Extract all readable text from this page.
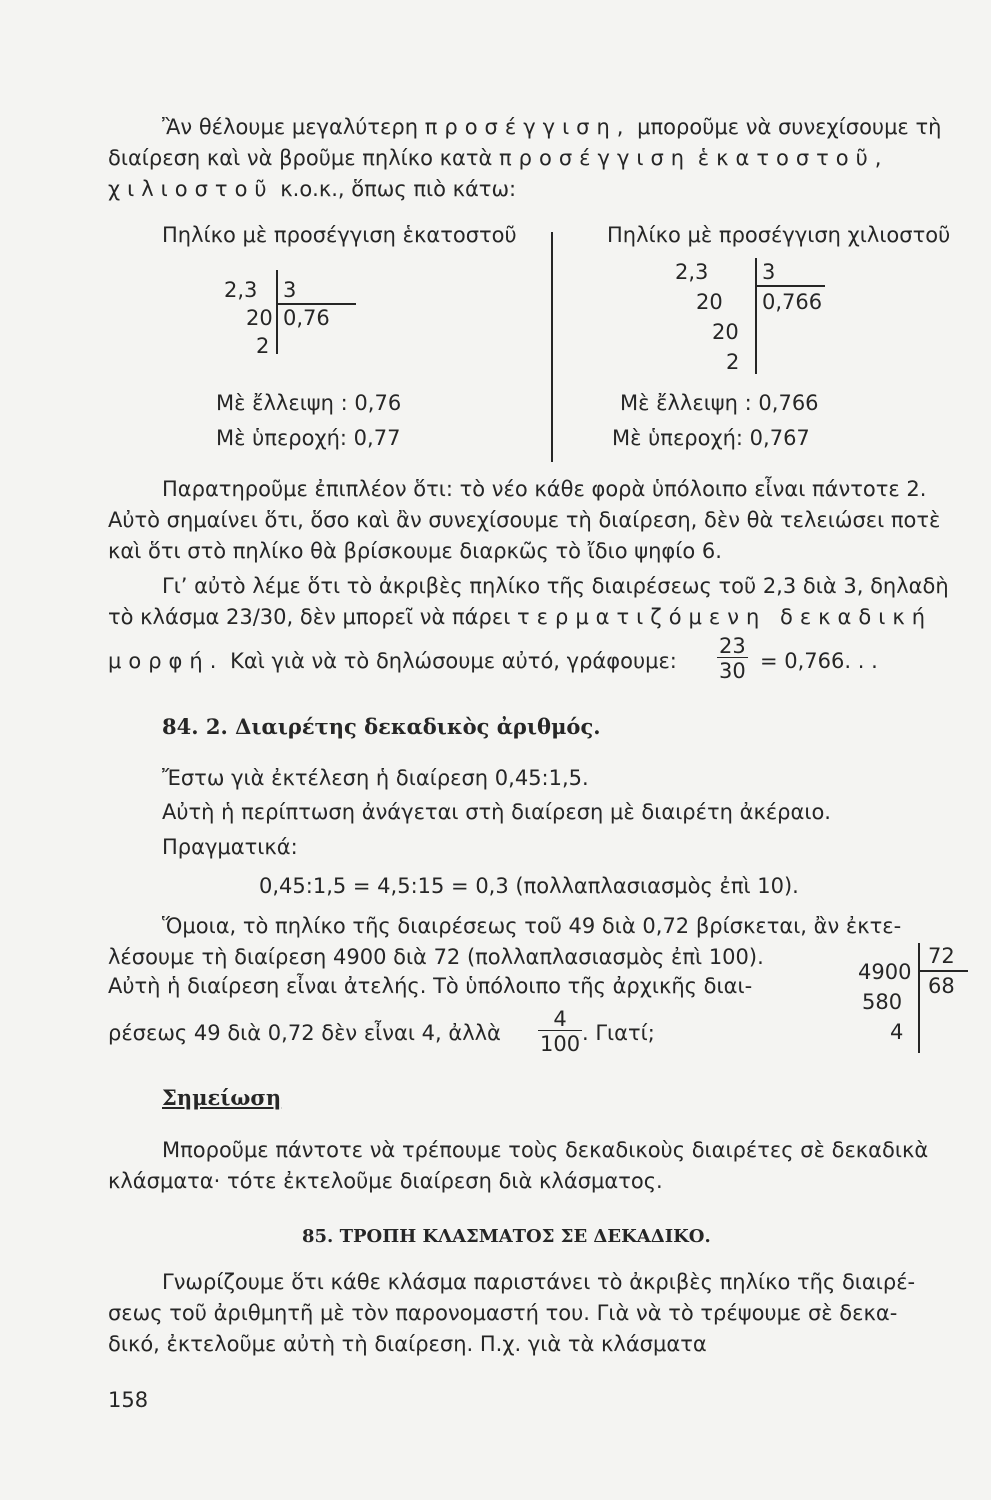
Ἂν θέλουμε μεγαλύτερη προσέγγιση, μποροῦμε νὰ συνεχίσουμε τὴ
διαίρεση καὶ νὰ βροῦμε πηλίκο κατὰ προσέγγιση ἑκατοστοῦ,
χιλιοστοῦ κ.ο.κ., ὅπως πιὸ κάτω:
Πηλίκο μὲ προσέγγιση ἑκατοστοῦ
2,3 3
20 0,76
2
Μὲ ἔλλειψη : 0,76
Μὲ ὑπεροχή: 0,77
Πηλίκο μὲ προσέγγιση χιλιοστοῦ
2,3	3
20 0,766
20
2
Μὲ ἔλλειψη : 0,766
Μὲ ὑπεροχή: 0,767
Παρατηροῦμε ἐπιπλέον ὅτι: τὸ νέο κάθε φορὰ ὑπόλοιπο εἶναι πάντοτε 2.
Αὐτὸ σημαίνει ὅτι, ὅσο καὶ ἂν συνεχίσουμε τὴ διαίρεση, δὲν θὰ τελειώσει ποτὲ
καὶ ὅτι στὸ πηλίκο θὰ βρίσκουμε διαρκῶς τὸ ἴδιο ψηφίο 6.
Γι’ αὐτὸ λέμε ὅτι τὸ ἀκριβὲς πηλίκο τῆς διαιρέσεως τοῦ 2,3 διὰ 3, δηλαδὴ
τὸ κλάσμα 23/30, δὲν μπορεῖ νὰ πάρει τερματιζόμενη δεκαδική
μορφή. Καὶ γιὰ νὰ τὸ δηλώσουμε αὐτό, γράφουμε: $\frac{23}{30} = 0,766$. . .
84. 2. Διαιρέτης δεκαδικὸς ἀριθμός.
Ἔστω γιὰ ἐκτέλεση ἡ διαίρεση 0,45:1,5.
Αὐτὴ ἡ περίπτωση ἀνάγεται στὴ διαίρεση μὲ διαιρέτη ἀκέραιο.
Πραγματικά:
0,45:1,5 = 4,5:15 = 0,3 (πολλαπλασιασμὸς ἐπὶ 10).
Ὅμοια, τὸ πηλίκο τῆς διαιρέσεως τοῦ 49 διὰ 0,72 βρίσκεται, ἂν ἐκτε-
λέσουμε τὴ διαίρεση 4900 διὰ 72 (πολλαπλασιασμὸς ἐπὶ 100).
Αὐτὴ ἡ διαίρεση εἶναι ἀτελής. Τὸ ὑπόλοιπο τῆς ἀρχικῆς διαι-
ρέσεως 49 διὰ 0,72 δὲν εἶναι 4, ἀλλὰ $\frac{4}{100}$ . Γιατί;
4900
72
68
580
4
Σημείωση
Μποροῦμε πάντοτε νὰ τρέπουμε τοὺς δεκαδικοὺς διαιρέτες σὲ δεκαδικὰ
κλάσματα· τότε ἐκτελοῦμε διαίρεση διὰ κλάσματος.
85. ΤΡΟΠΗ ΚΛΑΣΜΑΤΟΣ ΣΕ ΔΕΚΑΔΙΚΟ.
Γνωρίζουμε ὅτι κάθε κλάσμα παριστάνει τὸ ἀκριβὲς πηλίκο τῆς διαιρέ-
σεως τοῦ ἀριθμητῆ μὲ τὸν παρονομαστή του. Γιὰ νὰ τὸ τρέψουμε σὲ δεκα-
δικό, ἐκτελοῦμε αὐτὴ τὴ διαίρεση. Π.χ. γιὰ τὰ κλάσματα
158
